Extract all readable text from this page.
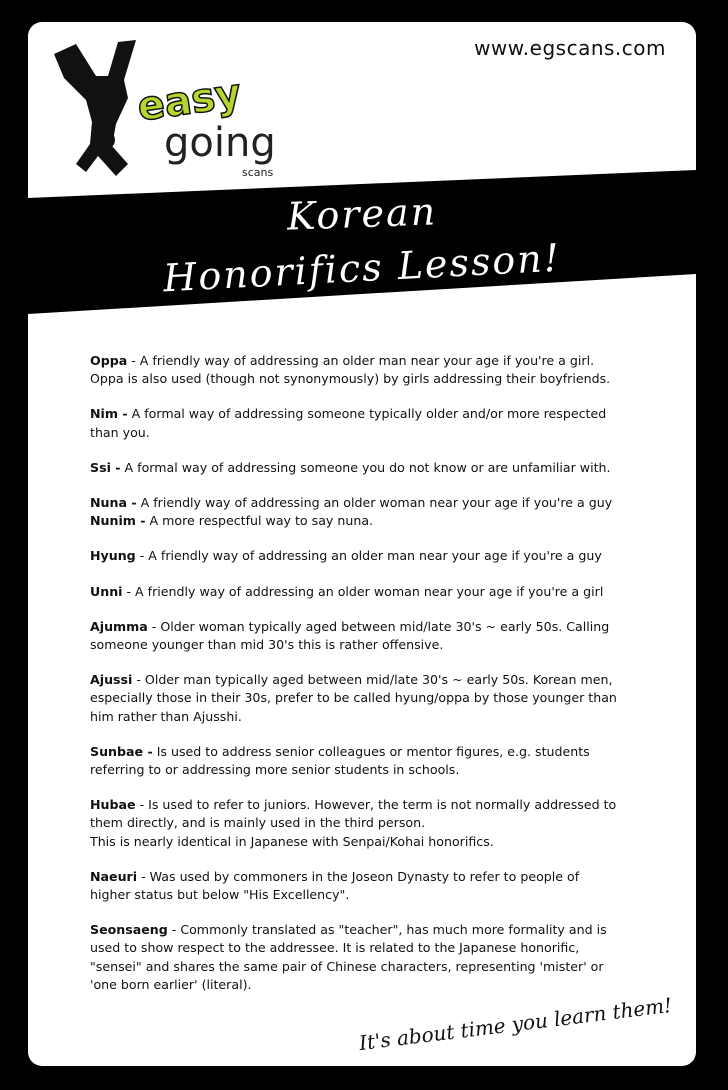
www.egscans.com
easy
going
scans
Korean
Honorifics Lesson!
Oppa - A friendly way of addressing an older man near your age if you're a girl.
Oppa is also used (though not synonymously) by girls addressing their boyfriends.
Nim - A formal way of addressing someone typically older and/or more respected
than you.
Ssi - A formal way of addressing someone you do not know or are unfamiliar with.
Nuna - A friendly way of addressing an older woman near your age if you're a guy
Nunim - A more respectful way to say nuna.
Hyung - A friendly way of addressing an older man near your age if you're a guy
Unni - A friendly way of addressing an older woman near your age if you're a girl
Ajumma - Older woman typically aged between mid/late 30's ~ early 50s. Calling
someone younger than mid 30's this is rather offensive.
Ajussi - Older man typically aged between mid/late 30's ~ early 50s. Korean men,
especially those in their 30s, prefer to be called hyung/oppa by those younger than
him rather than Ajusshi.
Sunbae - Is used to address senior colleagues or mentor figures, e.g. students
referring to or addressing more senior students in schools.
Hubae - Is used to refer to juniors. However, the term is not normally addressed to
them directly, and is mainly used in the third person.
This is nearly identical in Japanese with Senpai/Kohai honorifics.
Naeuri - Was used by commoners in the Joseon Dynasty to refer to people of
higher status but below "His Excellency".
Seonsaeng - Commonly translated as "teacher", has much more formality and is
used to show respect to the addressee. It is related to the Japanese honorific,
"sensei" and shares the same pair of Chinese characters, representing 'mister' or
'one born earlier' (literal).
It's about time you learn them!
